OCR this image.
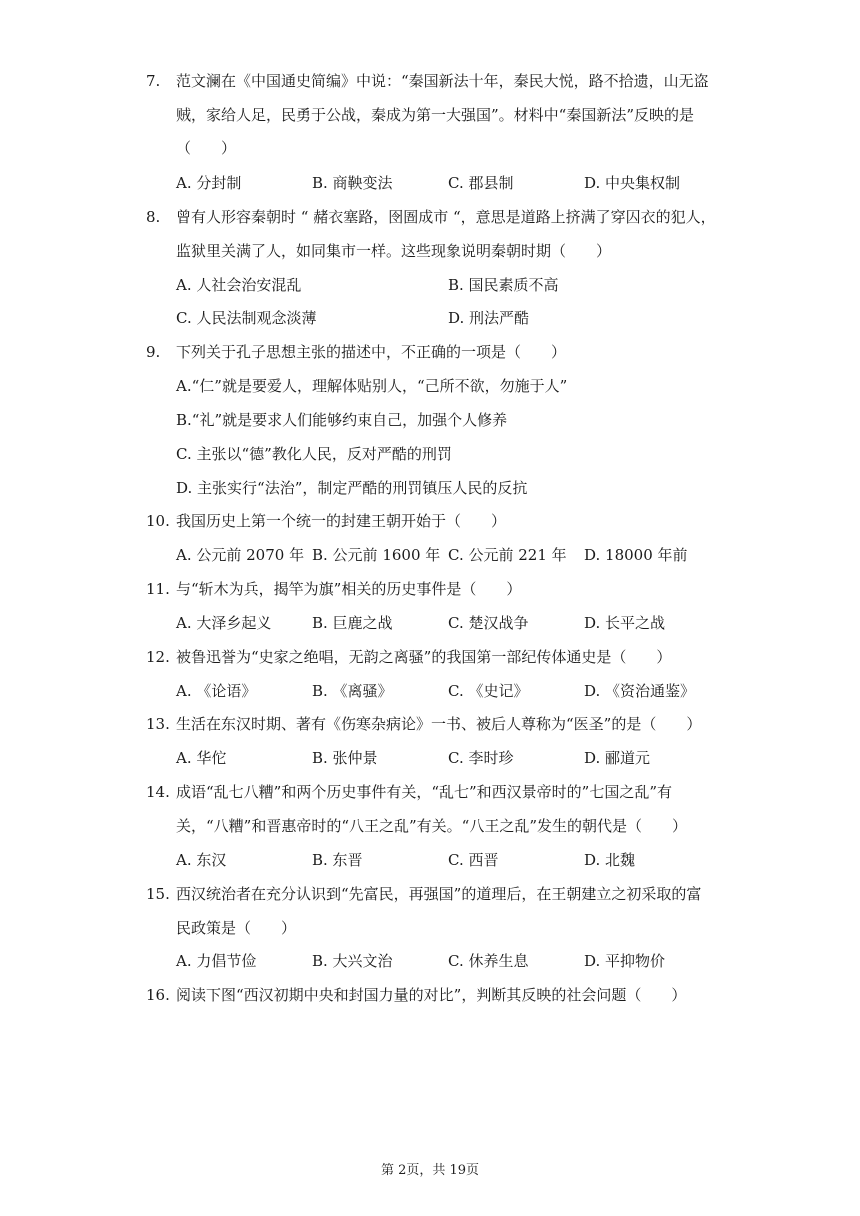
7. 范文澜在《中国通史简编》中说：“秦国新法十年，秦民大悦，路不拾遗，山无盗
贼，家给人足，民勇于公战，秦成为第一大强国”。材料中“秦国新法”反映的是
（　　）
A. 分封制	B. 商鞅变法	C. 郡县制	D. 中央集权制
8. 曾有人形容秦朝时 “ 赭衣塞路，囹圄成市 “，意思是道路上挤满了穿囚衣的犯人，
监狱里关满了人，如同集市一样。这些现象说明秦朝时期（　　）
A. 人社会治安混乱	B. 国民素质不高
C. 人民法制观念淡薄	D. 刑法严酷
9. 下列关于孔子思想主张的描述中，不正确的一项是（　　）
A.“仁”就是要爱人，理解体贴别人，“己所不欲，勿施于人”
B.“礼”就是要求人们能够约束自己，加强个人修养
C. 主张以“德”教化人民，反对严酷的刑罚
D. 主张实行“法治”，制定严酷的刑罚镇压人民的反抗
10. 我国历史上第一个统一的封建王朝开始于（　　）
A. 公元前 2070 年 B. 公元前 1600 年 C. 公元前 221 年 D. 18000 年前
11. 与“斩木为兵，揭竿为旗”相关的历史事件是（　　）
A. 大泽乡起义	B. 巨鹿之战	C. 楚汉战争	D. 长平之战
12. 被鲁迅誉为“史家之绝唱，无韵之离骚”的我国第一部纪传体通史是（　　）
A. 《论语》	B. 《离骚》	C. 《史记》	D. 《资治通鉴》
13. 生活在东汉时期、著有《伤寒杂病论》一书、被后人尊称为“医圣”的是（　　）
A. 华佗	B. 张仲景	C. 李时珍	D. 郦道元
14. 成语“乱七八糟”和两个历史事件有关，“乱七”和西汉景帝时的”七国之乱”有
关，“八糟”和晋惠帝时的“八王之乱”有关。“八王之乱”发生的朝代是（　　）
A. 东汉	B. 东晋	C. 西晋	D. 北魏
15. 西汉统治者在充分认识到“先富民，再强国”的道理后，在王朝建立之初采取的富
民政策是（　　）
A. 力倡节俭	B. 大兴文治	C. 休养生息	D. 平抑物价
16. 阅读下图“西汉初期中央和封国力量的对比”，判断其反映的社会问题（　　）
第 2页，共 19页
